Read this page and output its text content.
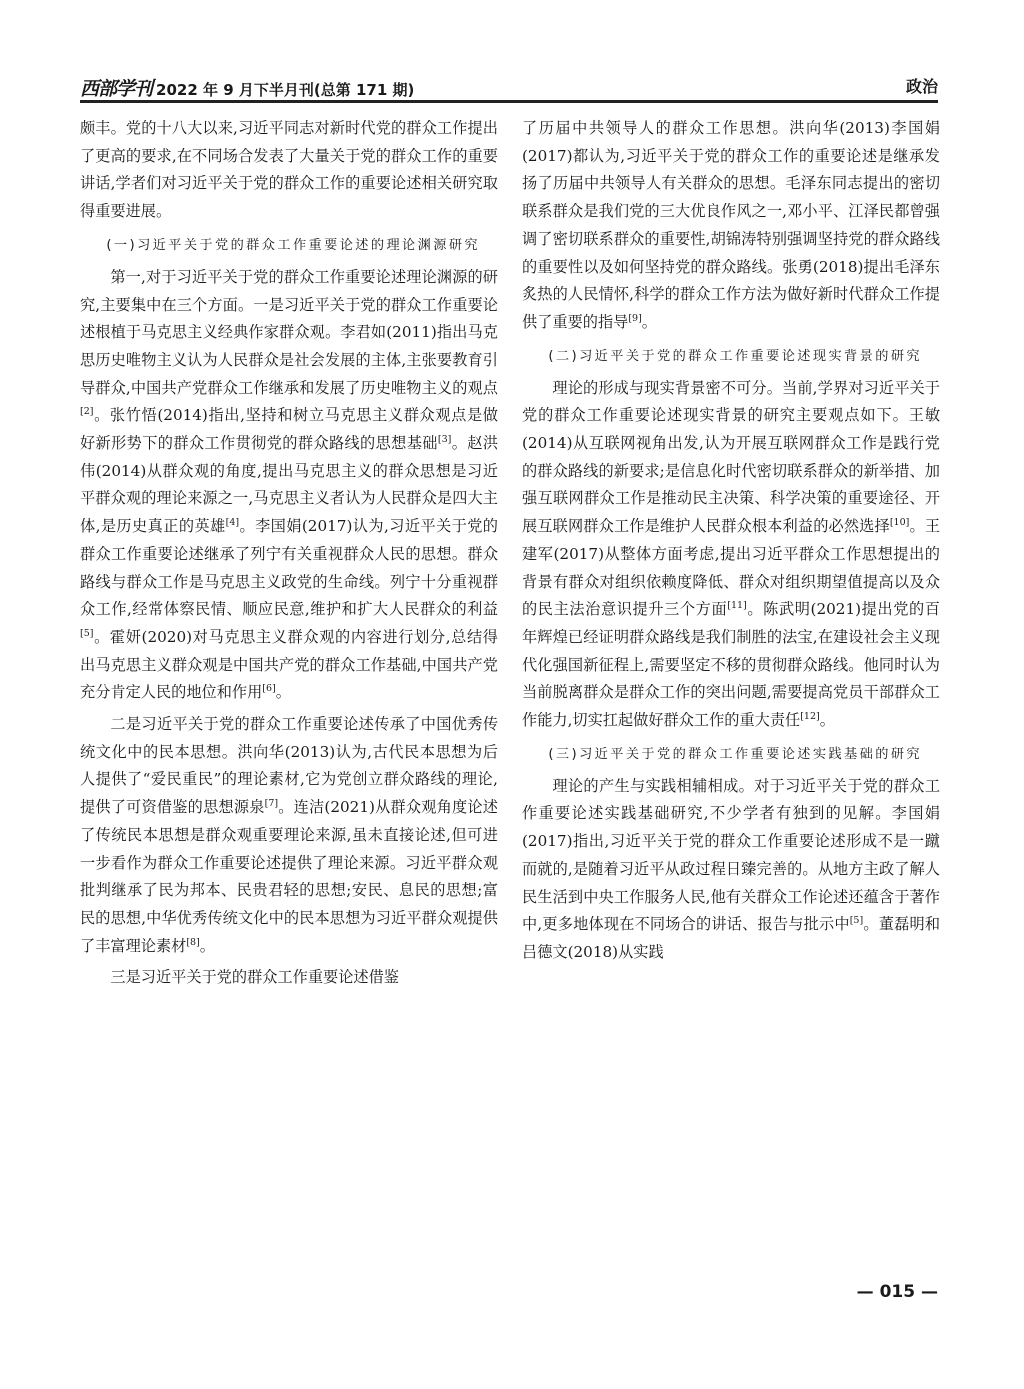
西部学刊 2022 年 9 月下半月刊(总第 171 期)	政治

颇丰。党的十八大以来,习近平同志对新时代党的群众工作提出了更高的要求,在不同场合发表了大量关于党的群众工作的重要讲话,学者们对习近平关于党的群众工作的重要论述相关研究取得重要进展。

(一)习近平关于党的群众工作重要论述的理论渊源研究

第一,对于习近平关于党的群众工作重要论述理论渊源的研究,主要集中在三个方面。一是习近平关于党的群众工作重要论述根植于马克思主义经典作家群众观。李君如(2011)指出马克思历史唯物主义认为人民群众是社会发展的主体,主张要教育引导群众,中国共产党群众工作继承和发展了历史唯物主义的观点[2]。张竹悟(2014)指出,坚持和树立马克思主义群众观点是做好新形势下的群众工作贯彻党的群众路线的思想基础[3]。赵洪伟(2014)从群众观的角度,提出马克思主义的群众思想是习近平群众观的理论来源之一,马克思主义者认为人民群众是四大主体,是历史真正的英雄[4]。李国娟(2017)认为,习近平关于党的群众工作重要论述继承了列宁有关重视群众人民的思想。群众路线与群众工作是马克思主义政党的生命线。列宁十分重视群众工作,经常体察民情、顺应民意,维护和扩大人民群众的利益[5]。霍妍(2020)对马克思主义群众观的内容进行划分,总结得出马克思主义群众观是中国共产党的群众工作基础,中国共产党充分肯定人民的地位和作用[6]。

二是习近平关于党的群众工作重要论述传承了中国优秀传统文化中的民本思想。洪向华(2013)认为,古代民本思想为后人提供了“爱民重民”的理论素材,它为党创立群众路线的理论,提供了可资借鉴的思想源泉[7]。连洁(2021)从群众观角度论述了传统民本思想是群众观重要理论来源,虽未直接论述,但可进一步看作为群众工作重要论述提供了理论来源。习近平群众观批判继承了民为邦本、民贵君轻的思想;安民、息民的思想;富民的思想,中华优秀传统文化中的民本思想为习近平群众观提供了丰富理论素材[8]。

三是习近平关于党的群众工作重要论述借鉴

了历届中共领导人的群众工作思想。洪向华(2013)李国娟(2017)都认为,习近平关于党的群众工作的重要论述是继承发扬了历届中共领导人有关群众的思想。毛泽东同志提出的密切联系群众是我们党的三大优良作风之一,邓小平、江泽民都曾强调了密切联系群众的重要性,胡锦涛特别强调坚持党的群众路线的重要性以及如何坚持党的群众路线。张勇(2018)提出毛泽东炙热的人民情怀,科学的群众工作方法为做好新时代群众工作提供了重要的指导[9]。

(二)习近平关于党的群众工作重要论述现实背景的研究

理论的形成与现实背景密不可分。当前,学界对习近平关于党的群众工作重要论述现实背景的研究主要观点如下。王敏(2014)从互联网视角出发,认为开展互联网群众工作是践行党的群众路线的新要求;是信息化时代密切联系群众的新举措、加强互联网群众工作是推动民主决策、科学决策的重要途径、开展互联网群众工作是维护人民群众根本利益的必然选择[10]。王建军(2017)从整体方面考虑,提出习近平群众工作思想提出的背景有群众对组织依赖度降低、群众对组织期望值提高以及众的民主法治意识提升三个方面[11]。陈武明(2021)提出党的百年辉煌已经证明群众路线是我们制胜的法宝,在建设社会主义现代化强国新征程上,需要坚定不移的贯彻群众路线。他同时认为当前脱离群众是群众工作的突出问题,需要提高党员干部群众工作能力,切实扛起做好群众工作的重大责任[12]。

(三)习近平关于党的群众工作重要论述实践基础的研究

理论的产生与实践相辅相成。对于习近平关于党的群众工作重要论述实践基础研究,不少学者有独到的见解。李国娟(2017)指出,习近平关于党的群众工作重要论述形成不是一蹴而就的,是随着习近平从政过程日臻完善的。从地方主政了解人民生活到中央工作服务人民,他有关群众工作论述还蕴含于著作中,更多地体现在不同场合的讲话、报告与批示中[5]。董磊明和吕德文(2018)从实践

— 015 —
